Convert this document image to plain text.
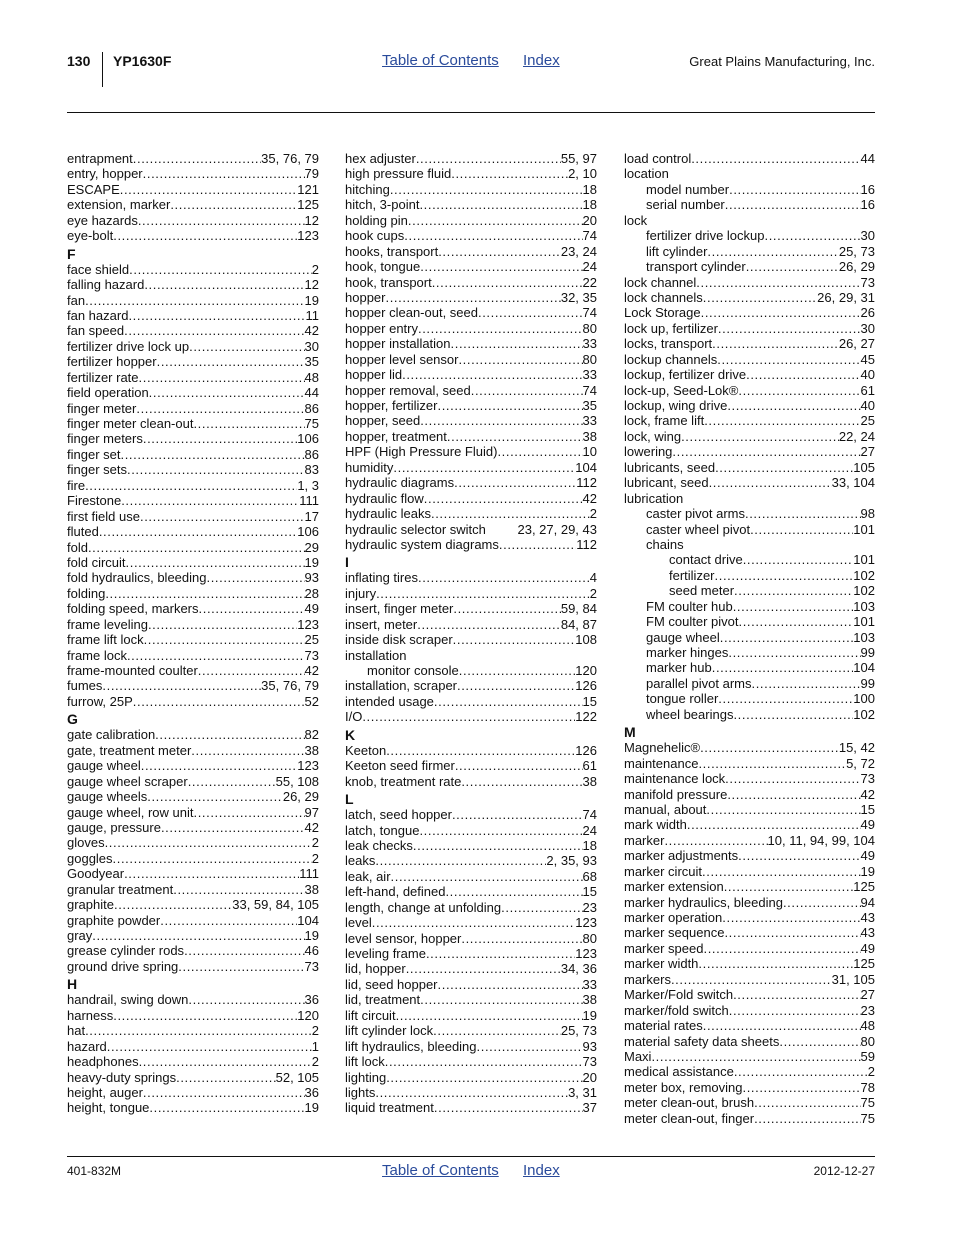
130 YP1630F	Table of Contents Index	Great Plains Manufacturing, Inc.
entrapment .....	35, 76, 79
entry, hopper .....	79
ESCAPE .....	121
extension, marker .....	125
eye hazards .....	12
eye-bolt .....	123
F
face shield .....	2
falling hazard .....	12
fan .....	19
fan hazard .....	11
fan speed .....	42
fertilizer drive lock up .....	30
fertilizer hopper .....	35
fertilizer rate .....	48
field operation .....	44
finger meter .....	86
finger meter clean-out .....	75
finger meters .....	106
finger set .....	86
finger sets .....	83
fire .....	1, 3
Firestone .....	111
first field use .....	17
fluted .....	106
fold .....	29
fold circuit .....	19
fold hydraulics, bleeding .....	93
folding .....	28
folding speed, markers .....	49
frame leveling .....	123
frame lift lock .....	25
frame lock .....	73
frame-mounted coulter .....	42
fumes .....	35, 76, 79
furrow, 25P .....	52
G
gate calibration .....	82
gate, treatment meter .....	38
gauge wheel .....	123
gauge wheel scraper .....	55, 108
gauge wheels .....	26, 29
gauge wheel, row unit .....	97
gauge, pressure .....	42
gloves .....	2
goggles .....	2
Goodyear .....	111
granular treatment .....	38
graphite .....	33, 59, 84, 105
graphite powder .....	104
gray .....	19
grease cylinder rods .....	46
ground drive spring .....	73
H
handrail, swing down .....	36
harness .....	120
hat .....	2
hazard .....	1
headphones .....	2
heavy-duty springs .....	52, 105
height, auger .....	36
height, tongue .....	19
hex adjuster .....	55, 97
high pressure fluid .....	2, 10
hitching .....	18
hitch, 3-point .....	18
holding pin .....	20
hook cups .....	74
hooks, transport .....	23, 24
hook, tongue .....	24
hook, transport .....	22
hopper .....	32, 35
hopper clean-out, seed .....	74
hopper entry .....	80
hopper installation .....	33
hopper level sensor .....	80
hopper lid .....	33
hopper removal, seed .....	74
hopper, fertilizer .....	35
hopper, seed .....	33
hopper, treatment .....	38
HPF (High Pressure Fluid) .....	10
humidity .....	104
hydraulic diagrams .....	112
hydraulic flow .....	42
hydraulic leaks .....	2
hydraulic selector switch 23, 27, 29, 43
hydraulic system diagrams .....	112
I
inflating tires .....	4
injury .....	2
insert, finger meter .....	59, 84
insert, meter .....	84, 87
inside disk scraper .....	108
installation
monitor console .....	120
installation, scraper .....	126
intended usage .....	15
I/O .....	122
K
Keeton .....	126
Keeton seed firmer .....	61
knob, treatment rate .....	38
L
latch, seed hopper .....	74
latch, tongue .....	24
leak checks .....	18
leaks .....	2, 35, 93
leak, air .....	68
left-hand, defined .....	15
length, change at unfolding .....	23
level .....	123
level sensor, hopper .....	80
leveling frame .....	123
lid, hopper .....	34, 36
lid, seed hopper .....	33
lid, treatment .....	38
lift circuit .....	19
lift cylinder lock .....	25, 73
lift hydraulics, bleeding .....	93
lift lock .....	73
lighting .....	20
lights .....	3, 31
liquid treatment .....	37
load control .....	44
location
model number .....	16
serial number .....	16
lock
fertilizer drive lockup .....	30
lift cylinder .....	25, 73
transport cylinder .....	26, 29
lock channel .....	73
lock channels .....	26, 29, 31
Lock Storage .....	26
lock up, fertilizer .....	30
locks, transport .....	26, 27
lockup channels .....	45
lockup, fertilizer drive .....	40
lock-up, Seed-Lok® .....	61
lockup, wing drive .....	40
lock, frame lift .....	25
lock, wing .....	22, 24
lowering .....	27
lubricants, seed .....	105
lubricant, seed .....	33, 104
lubrication
caster pivot arms .....	98
caster wheel pivot .....	101
chains
contact drive .....	101
fertilizer .....	102
seed meter .....	102
FM coulter hub .....	103
FM coulter pivot .....	101
gauge wheel .....	103
marker hinges .....	99
marker hub .....	104
parallel pivot arms .....	99
tongue roller .....	100
wheel bearings .....	102
M
Magnehelic® .....	15, 42
maintenance .....	5, 72
maintenance lock .....	73
manifold pressure .....	42
manual, about .....	15
mark width .....	49
marker .....	10, 11, 94, 99, 104
marker adjustments .....	49
marker circuit .....	19
marker extension .....	125
marker hydraulics, bleeding .....	94
marker operation .....	43
marker sequence .....	43
marker speed .....	49
marker width .....	125
markers .....	31, 105
Marker/Fold switch .....	27
marker/fold switch .....	23
material rates .....	48
material safety data sheets .....	80
Maxi .....	59
medical assistance .....	2
meter box, removing .....	78
meter clean-out, brush .....	75
meter clean-out, finger .....	75
401-832M	Table of Contents Index	2012-12-27
